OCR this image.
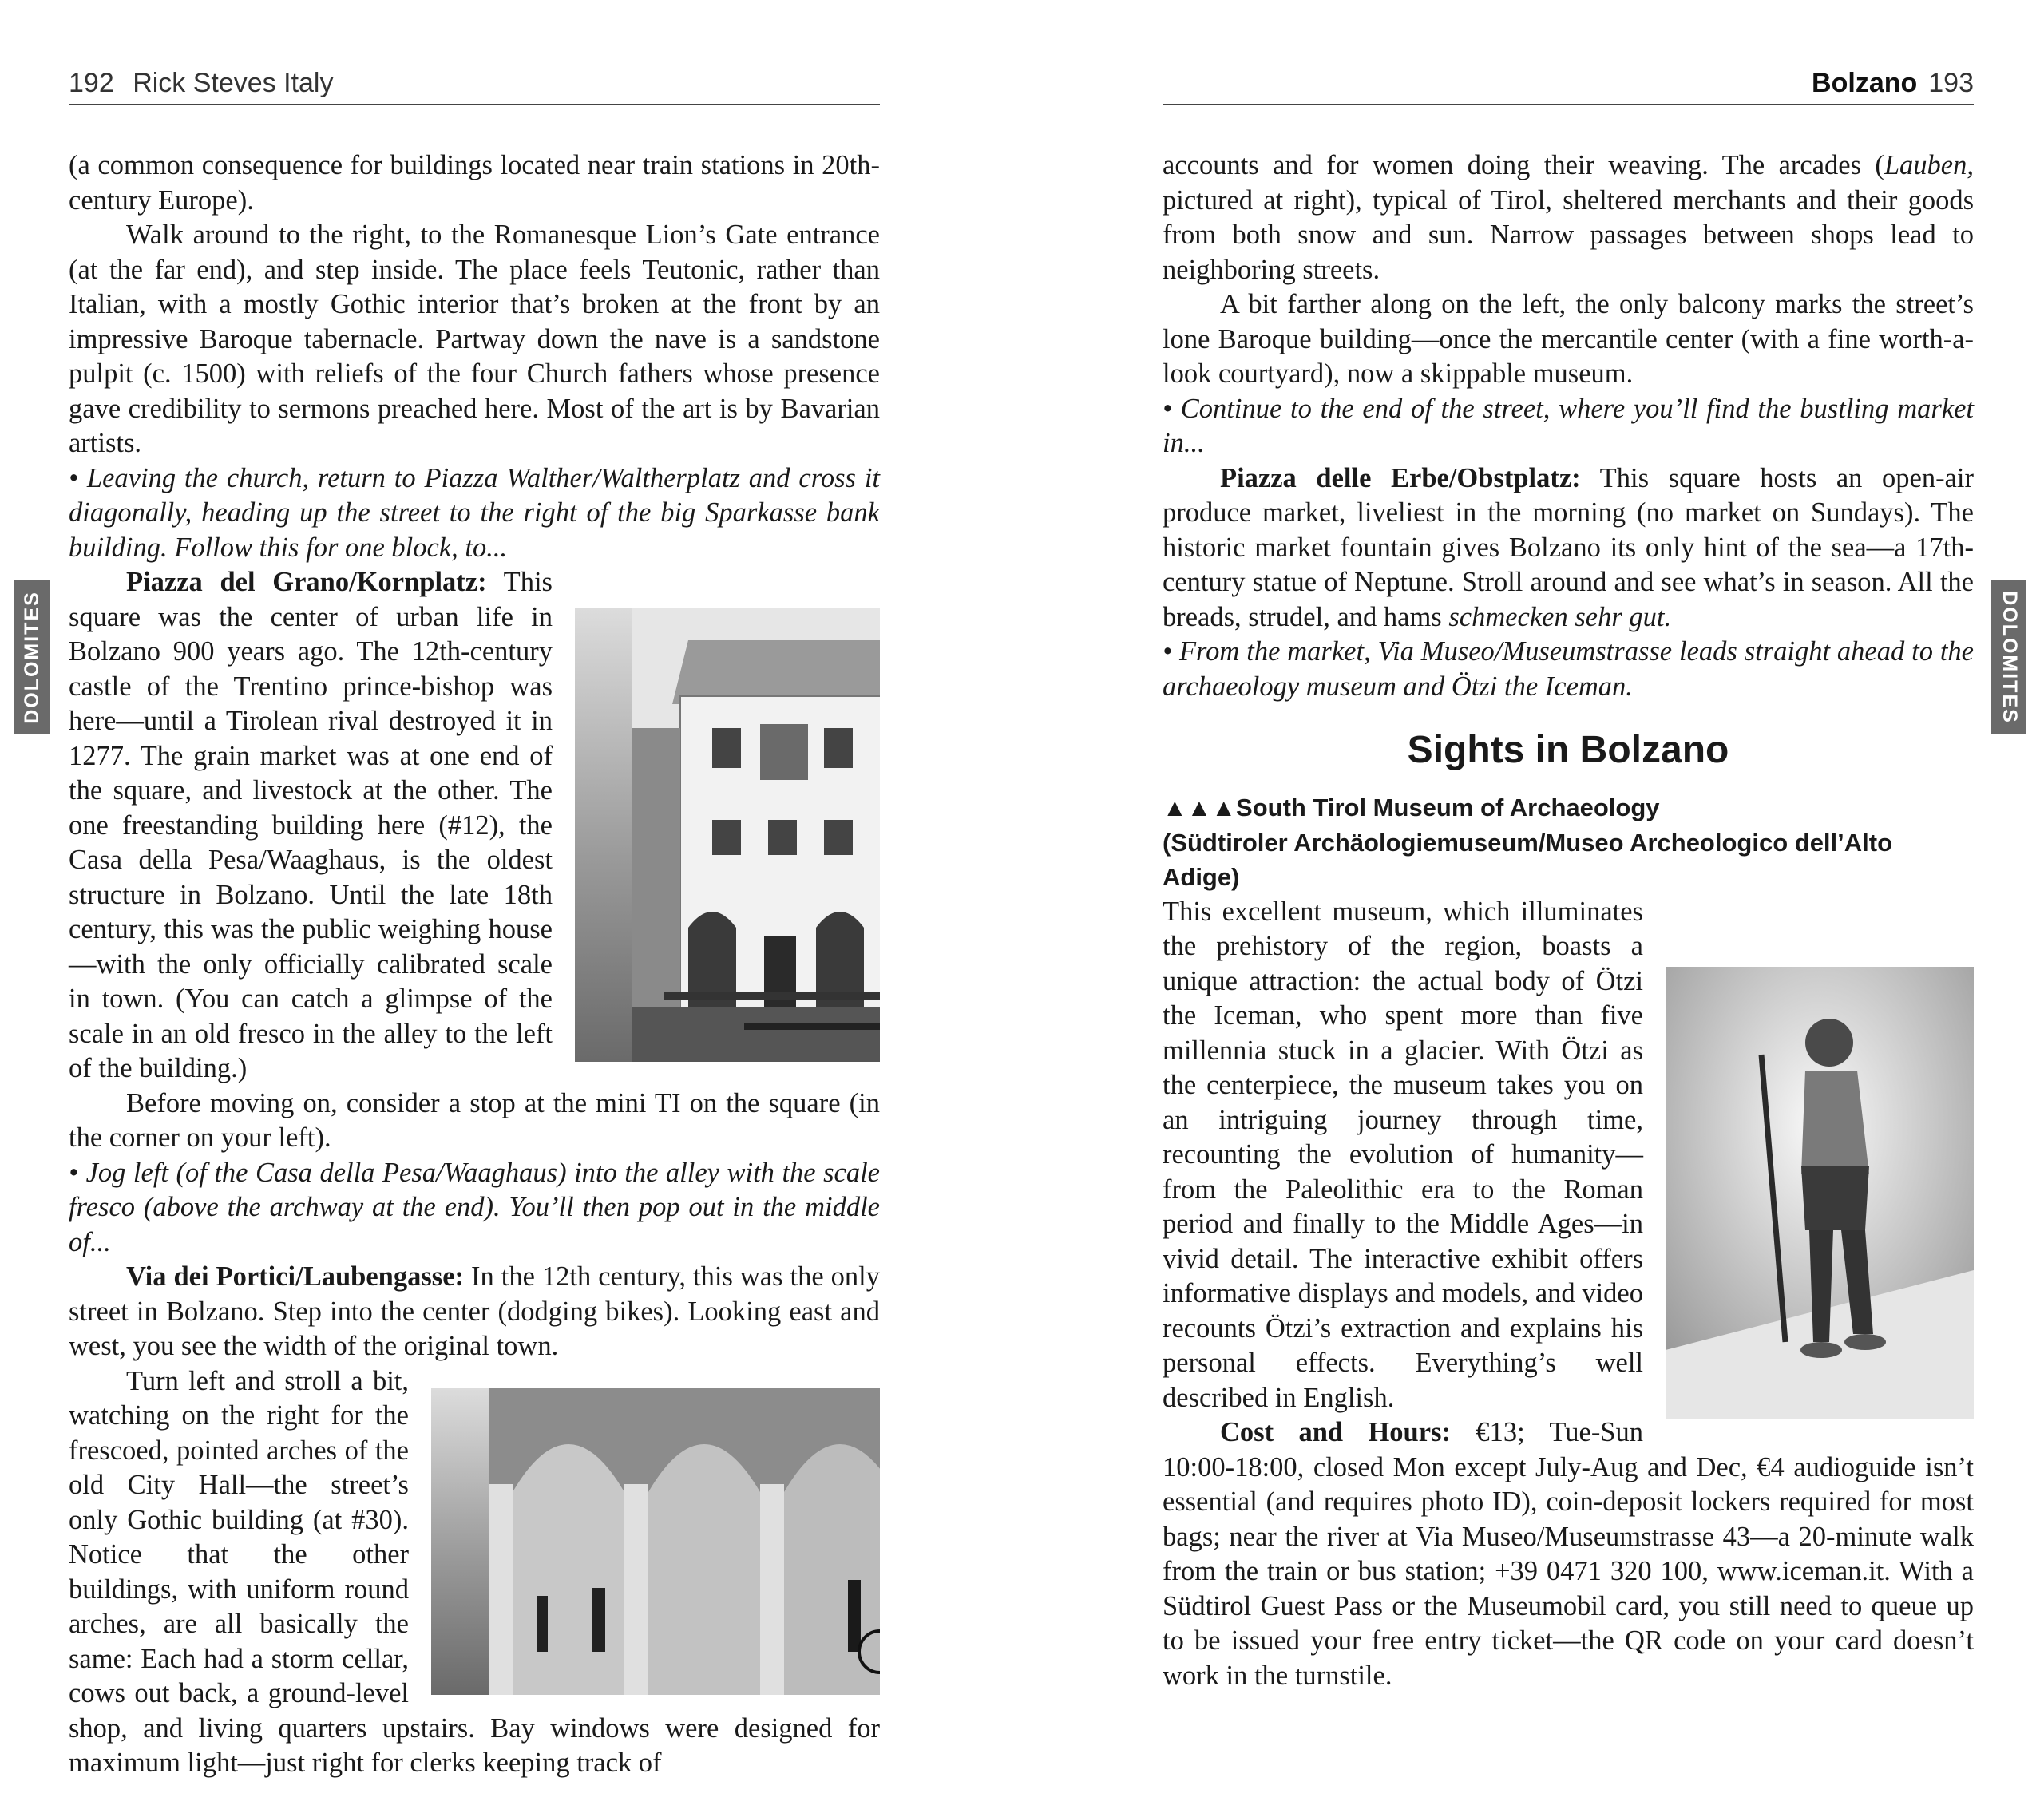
192 Rick Steves Italy
DOLOMITES

(a common consequence for buildings located near train stations in 20th-century Europe).

Walk around to the right, to the Romanesque Lion’s Gate entrance (at the far end), and step inside. The place feels Teutonic, rather than Italian, with a mostly Gothic interior that’s broken at the front by an impressive Baroque tabernacle. Partway down the nave is a sandstone pulpit (c. 1500) with reliefs of the four Church fathers whose presence gave credibility to sermons preached here. Most of the art is by Bavarian artists.

• Leaving the church, return to Piazza Walther/Waltherplatz and cross it diagonally, heading up the street to the right of the big Sparkasse bank building. Follow this for one block, to...

Piazza del Grano/Kornplatz:
This square was the center of urban life in Bolzano 900 years ago. The 12th-century castle of the Trentino prince-bishop was here—until a Tirolean rival destroyed it in 1277. The grain market was at one end of the square, and livestock at the other. The one freestanding building here (#12), the Casa della Pesa/Waaghaus, is the oldest structure in Bolzano. Until the late 18th century, this was the public weighing house—with the only officially calibrated scale in town. (You can catch a glimpse of the scale in an old fresco in the alley to the left of the building.)

Before moving on, consider a stop at the mini TI on the square (in the corner on your left).

• Jog left (of the Casa della Pesa/Waaghaus) into the alley with the scale fresco (above the archway at the end). You’ll then pop out in the middle of...

Via dei Portici/Laubengasse: In the 12th century, this was the only street in Bolzano. Step into the center (dodging bikes). Looking east and west, you see the width of the original town.

Turn left and stroll a bit, watching on the right for the frescoed, pointed arches of the old City Hall—the street’s only Gothic building (at #30). Notice that the other buildings, with uniform round arches, are all basically the same: Each had a storm cellar, cows out back, a ground-level shop, and living quarters upstairs. Bay windows were designed for maximum light—just right for clerks keeping track of

Bolzano 193
DOLOMITES

accounts and for women doing their weaving. The arcades (Lauben, pictured at right), typical of Tirol, sheltered merchants and their goods from both snow and sun. Narrow passages between shops lead to neighboring streets.

A bit farther along on the left, the only balcony marks the street’s lone Baroque building—once the mercantile center (with a fine worth-a-look courtyard), now a skippable museum.

• Continue to the end of the street, where you’ll find the bustling market in...

Piazza delle Erbe/Obstplatz: This square hosts an open-air produce market, liveliest in the morning (no market on Sundays). The historic market fountain gives Bolzano its only hint of the sea—a 17th-century statue of Neptune. Stroll around and see what’s in season. All the breads, strudel, and hams schmecken sehr gut.

• From the market, Via Museo/Museumstrasse leads straight ahead to the archaeology museum and Ötzi the Iceman.

Sights in Bolzano
▲▲▲South Tirol Museum of Archaeology
(Südtiroler Archäologiemuseum/Museo Archeologico dell’Alto Adige)

This excellent museum, which illuminates the prehistory of the region, boasts a unique attraction: the actual body of Ötzi the Iceman, who spent more than five millennia stuck in a glacier. With Ötzi as the centerpiece, the museum takes you on an intriguing journey through time, recounting the evolution of humanity—from the Paleolithic era to the Roman period and finally to the Middle Ages—in vivid detail. The interactive exhibit offers informative displays and models, and video recounts Ötzi’s extraction and explains his personal effects. Everything’s well described in English.

Cost and Hours: €13; Tue-Sun 10:00-18:00, closed Mon except July-Aug and Dec, €4 audioguide isn’t essential (and requires photo ID), coin-deposit lockers required for most bags; near the river at Via Museo/Museumstrasse 43—a 20-minute walk from the train or bus station; +39 0471 320 100, www.iceman.it. With a Südtirol Guest Pass or the Museumobil card, you still need to queue up to be issued your free entry ticket—the QR code on your card doesn’t work in the turnstile.
